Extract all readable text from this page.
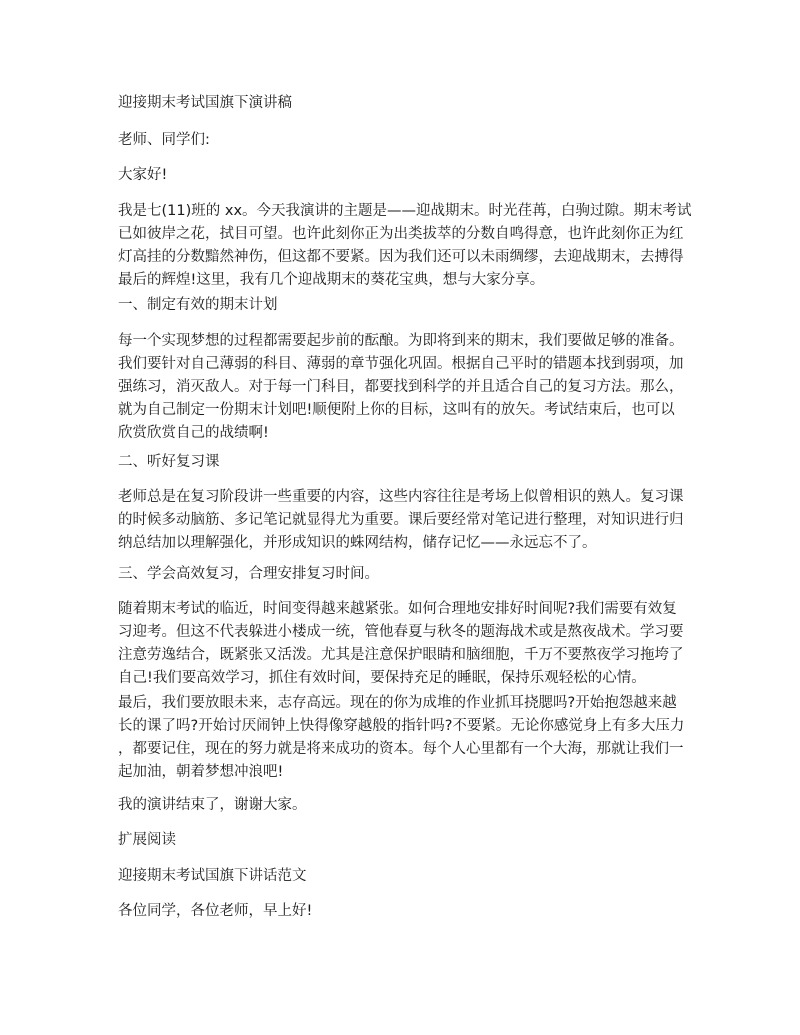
迎接期末考试国旗下演讲稿

老师、同学们:

大家好!

我是七(11)班的 xx。今天我演讲的主题是——迎战期末。时光荏苒，白驹过隙。期末考试
已如彼岸之花，拭目可望。也许此刻你正为出类拔萃的分数自鸣得意，也许此刻你正为红
灯高挂的分数黯然神伤，但这都不要紧。因为我们还可以未雨绸缪，去迎战期末，去搏得
最后的辉煌!这里，我有几个迎战期末的葵花宝典，想与大家分享。

一、制定有效的期末计划

每一个实现梦想的过程都需要起步前的酝酿。为即将到来的期末，我们要做足够的准备。
我们要针对自己薄弱的科目、薄弱的章节强化巩固。根据自己平时的错题本找到弱项，加
强练习，消灭敌人。对于每一门科目，都要找到科学的并且适合自己的复习方法。那么，
就为自己制定一份期末计划吧!顺便附上你的目标，这叫有的放矢。考试结束后，也可以
欣赏欣赏自己的战绩啊!

二、听好复习课

老师总是在复习阶段讲一些重要的内容，这些内容往往是考场上似曾相识的熟人。复习课
的时候多动脑筋、多记笔记就显得尤为重要。课后要经常对笔记进行整理，对知识进行归
纳总结加以理解强化，并形成知识的蛛网结构，储存记忆——永远忘不了。

三、学会高效复习，合理安排复习时间。

随着期末考试的临近，时间变得越来越紧张。如何合理地安排好时间呢?我们需要有效复
习迎考。但这不代表躲进小楼成一统，管他春夏与秋冬的题海战术或是熬夜战术。学习要
注意劳逸结合，既紧张又活泼。尤其是注意保护眼睛和脑细胞，千万不要熬夜学习拖垮了
自己!我们要高效学习，抓住有效时间，要保持充足的睡眠，保持乐观轻松的心情。
最后，我们要放眼未来，志存高远。现在的你为成堆的作业抓耳挠腮吗?开始抱怨越来越
长的课了吗?开始讨厌闹钟上快得像穿越般的指针吗?不要紧。无论你感觉身上有多大压力
，都要记住，现在的努力就是将来成功的资本。每个人心里都有一个大海，那就让我们一
起加油，朝着梦想冲浪吧!

我的演讲结束了，谢谢大家。

扩展阅读

迎接期末考试国旗下讲话范文

各位同学，各位老师，早上好!
